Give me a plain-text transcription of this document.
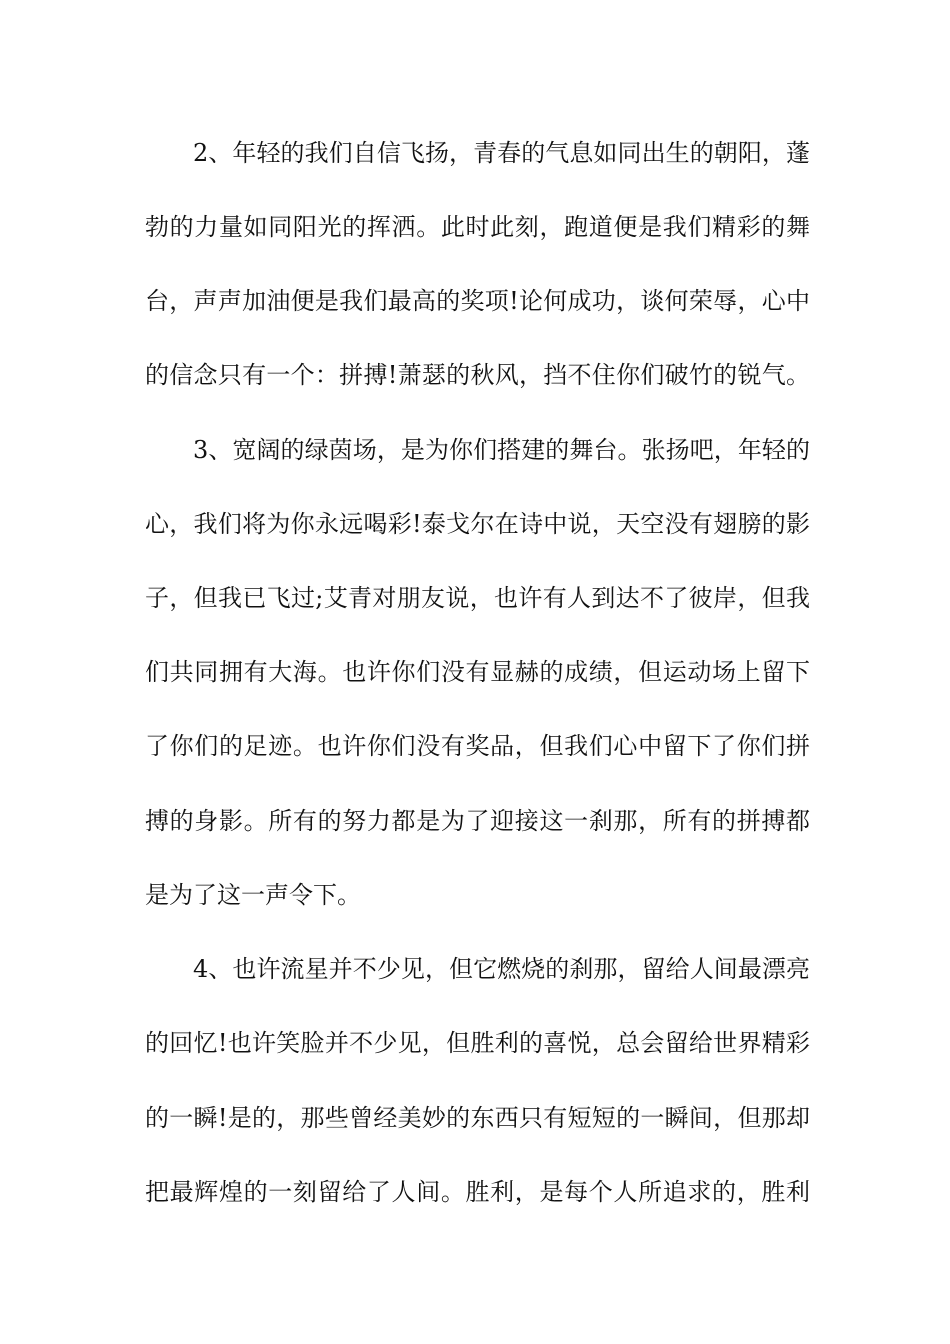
2、年轻的我们自信飞扬，青春的气息如同出生的朝阳，蓬
勃的力量如同阳光的挥洒。此时此刻，跑道便是我们精彩的舞
台，声声加油便是我们最高的奖项!论何成功，谈何荣辱，心中
的信念只有一个：拼搏!萧瑟的秋风，挡不住你们破竹的锐气。
3、宽阔的绿茵场，是为你们搭建的舞台。张扬吧，年轻的
心，我们将为你永远喝彩!泰戈尔在诗中说，天空没有翅膀的影
子，但我已飞过;艾青对朋友说，也许有人到达不了彼岸，但我
们共同拥有大海。也许你们没有显赫的成绩，但运动场上留下
了你们的足迹。也许你们没有奖品，但我们心中留下了你们拼
搏的身影。所有的努力都是为了迎接这一刹那，所有的拼搏都
是为了这一声令下。
4、也许流星并不少见，但它燃烧的刹那，留给人间最漂亮
的回忆!也许笑脸并不少见，但胜利的喜悦，总会留给世界精彩
的一瞬!是的，那些曾经美妙的东西只有短短的一瞬间，但那却
把最辉煌的一刻留给了人间。胜利，是每个人所追求的，胜利
